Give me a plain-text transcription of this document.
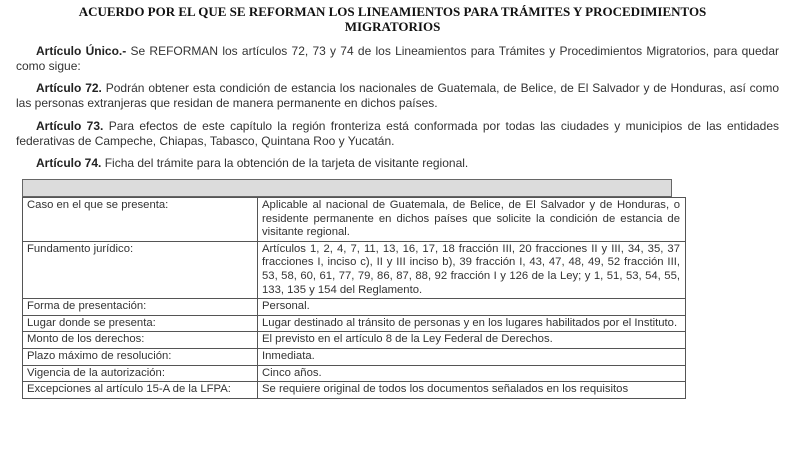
ACUERDO POR EL QUE SE REFORMAN LOS LINEAMIENTOS PARA TRÁMITES Y PROCEDIMIENTOS MIGRATORIOS
Artículo Único.- Se REFORMAN los artículos 72, 73 y 74 de los Lineamientos para Trámites y Procedimientos Migratorios, para quedar como sigue:
Artículo 72. Podrán obtener esta condición de estancia los nacionales de Guatemala, de Belice, de El Salvador y de Honduras, así como las personas extranjeras que residan de manera permanente en dichos países.
Artículo 73. Para efectos de este capítulo la región fronteriza está conformada por todas las ciudades y municipios de las entidades federativas de Campeche, Chiapas, Tabasco, Quintana Roo y Yucatán.
Artículo 74. Ficha del trámite para la obtención de la tarjeta de visitante regional.
Caso en el que se presenta:	Aplicable al nacional de Guatemala, de Belice, de El Salvador y de Honduras, o residente permanente en dichos países que solicite la condición de estancia de visitante regional.
Fundamento jurídico:	Artículos 1, 2, 4, 7, 11, 13, 16, 17, 18 fracción III, 20 fracciones II y III, 34, 35, 37 fracciones I, inciso c), II y III inciso b), 39 fracción I, 43, 47, 48, 49, 52 fracción III, 53, 58, 60, 61, 77, 79, 86, 87, 88, 92 fracción I y 126 de la Ley; y 1, 51, 53, 54, 55, 133, 135 y 154 del Reglamento.
Forma de presentación:	Personal.
Lugar donde se presenta:	Lugar destinado al tránsito de personas y en los lugares habilitados por el Instituto.
Monto de los derechos:	El previsto en el artículo 8 de la Ley Federal de Derechos.
Plazo máximo de resolución:	Inmediata.
Vigencia de la autorización:	Cinco años.
Excepciones al artículo 15-A de la LFPA:	Se requiere original de todos los documentos señalados en los requisitos
